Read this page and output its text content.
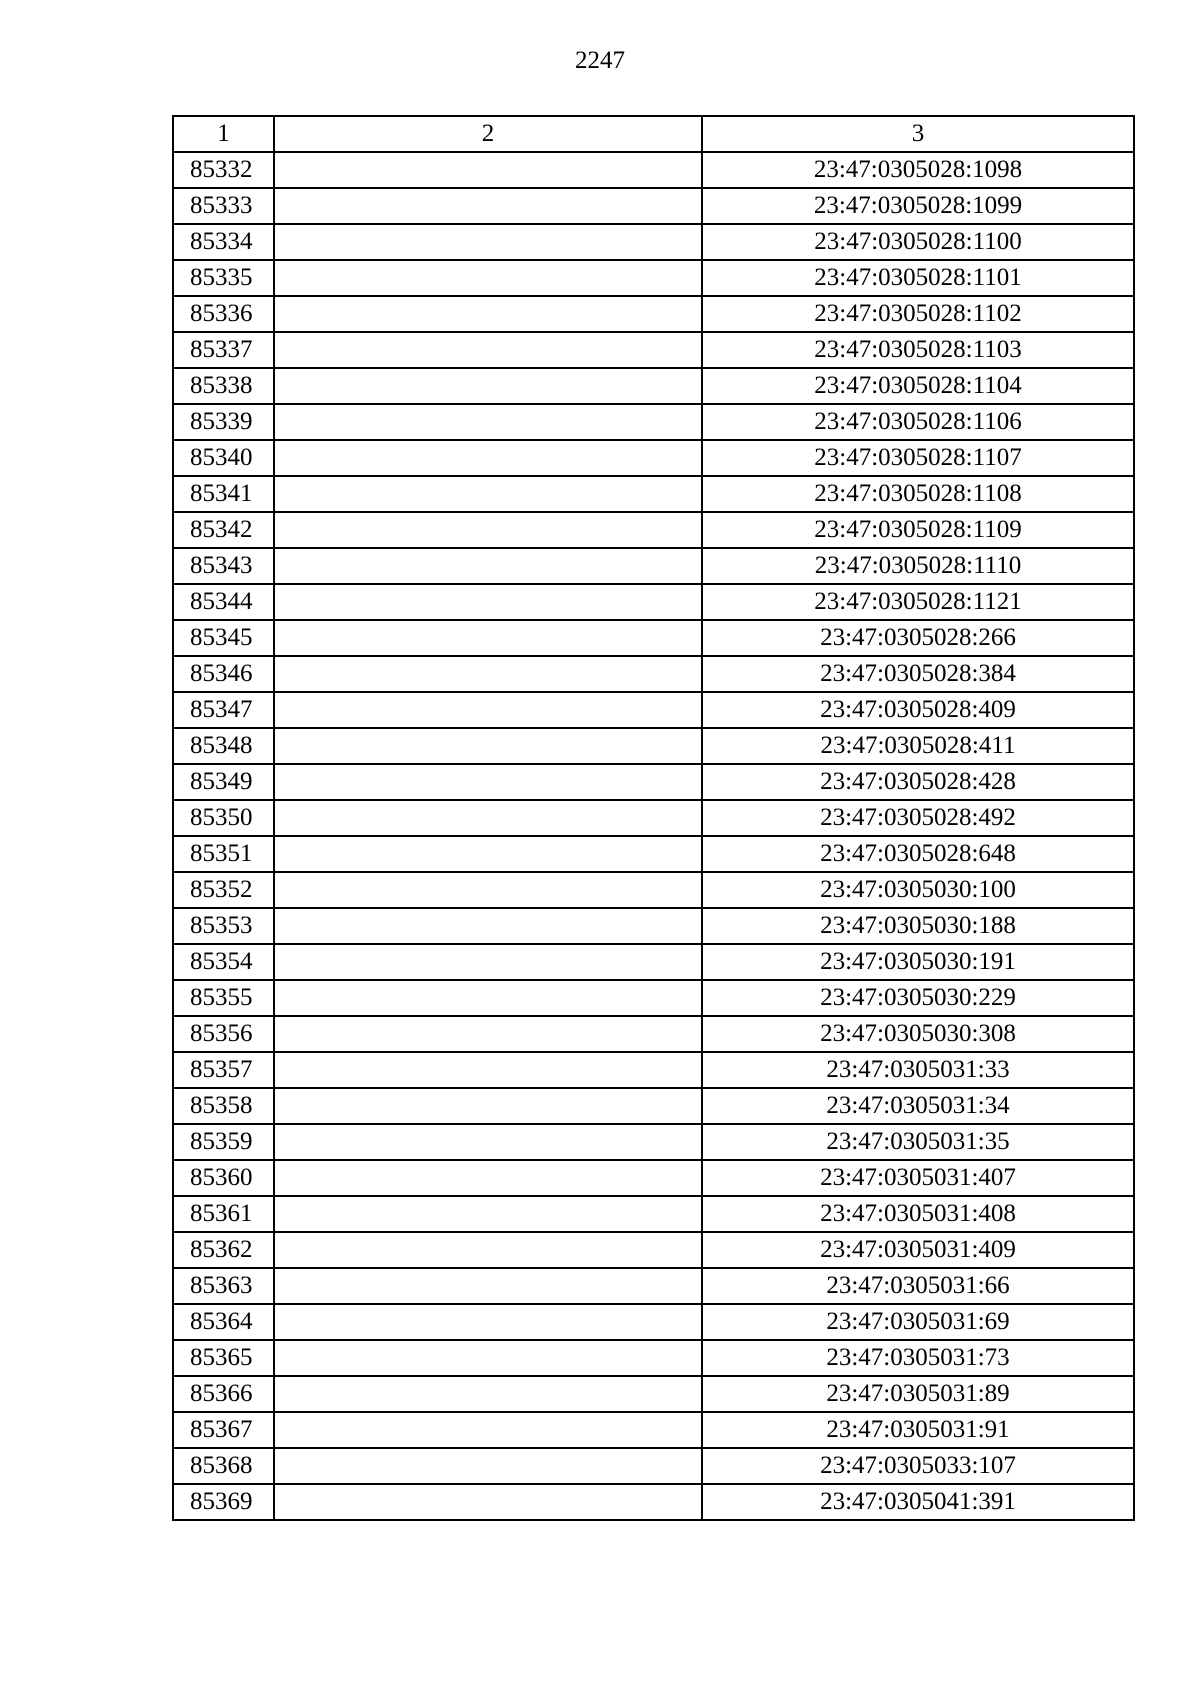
2247
1	2	3
85332		23:47:0305028:1098
85333		23:47:0305028:1099
85334		23:47:0305028:1100
85335		23:47:0305028:1101
85336		23:47:0305028:1102
85337		23:47:0305028:1103
85338		23:47:0305028:1104
85339		23:47:0305028:1106
85340		23:47:0305028:1107
85341		23:47:0305028:1108
85342		23:47:0305028:1109
85343		23:47:0305028:1110
85344		23:47:0305028:1121
85345		23:47:0305028:266
85346		23:47:0305028:384
85347		23:47:0305028:409
85348		23:47:0305028:411
85349		23:47:0305028:428
85350		23:47:0305028:492
85351		23:47:0305028:648
85352		23:47:0305030:100
85353		23:47:0305030:188
85354		23:47:0305030:191
85355		23:47:0305030:229
85356		23:47:0305030:308
85357		23:47:0305031:33
85358		23:47:0305031:34
85359		23:47:0305031:35
85360		23:47:0305031:407
85361		23:47:0305031:408
85362		23:47:0305031:409
85363		23:47:0305031:66
85364		23:47:0305031:69
85365		23:47:0305031:73
85366		23:47:0305031:89
85367		23:47:0305031:91
85368		23:47:0305033:107
85369		23:47:0305041:391
